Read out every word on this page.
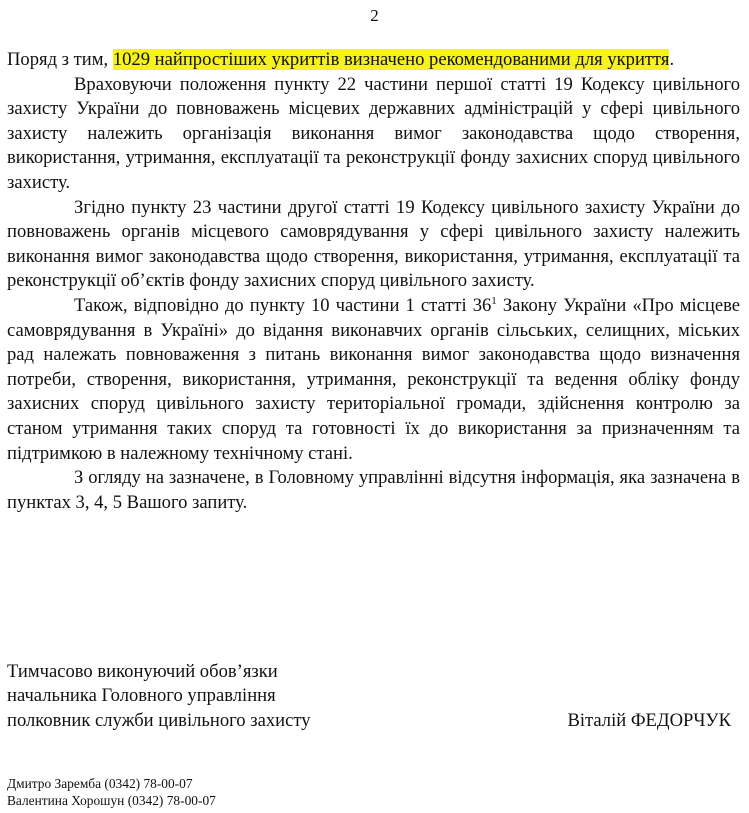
2

Поряд з тим, 1029 найпростіших укриттів визначено рекомендованими для укриття.

Враховуючи положення пункту 22 частини першої статті 19 Кодексу цивільного захисту України до повноважень місцевих державних адміністрацій у сфері цивільного захисту належить організація виконання вимог законодавства щодо створення, використання, утримання, експлуатації та реконструкції фонду захисних споруд цивільного захисту.

Згідно пункту 23 частини другої статті 19 Кодексу цивільного захисту України до повноважень органів місцевого самоврядування у сфері цивільного захисту належить виконання вимог законодавства щодо створення, використання, утримання, експлуатації та реконструкції об’єктів фонду захисних споруд цивільного захисту.

Також, відповідно до пункту 10 частини 1 статті $36^1$ Закону України «Про місцеве самоврядування в Україні» до відання виконавчих органів сільських, селищних, міських рад належать повноваження з питань виконання вимог законодавства щодо визначення потреби, створення, використання, утримання, реконструкції та ведення обліку фонду захисних споруд цивільного захисту територіальної громади, здійснення контролю за станом утримання таких споруд та готовності їх до використання за призначенням та підтримкою в належному технічному стані.

З огляду на зазначене, в Головному управлінні відсутня інформація, яка зазначена в пунктах 3, 4, 5 Вашого запиту.

Тимчасово виконуючий обов’язки
начальника Головного управління
полковник служби цивільного захисту	Віталій ФЕДОРЧУК
Дмитро Заремба (0342) 78-00-07
Валентина Хорошун (0342) 78-00-07
